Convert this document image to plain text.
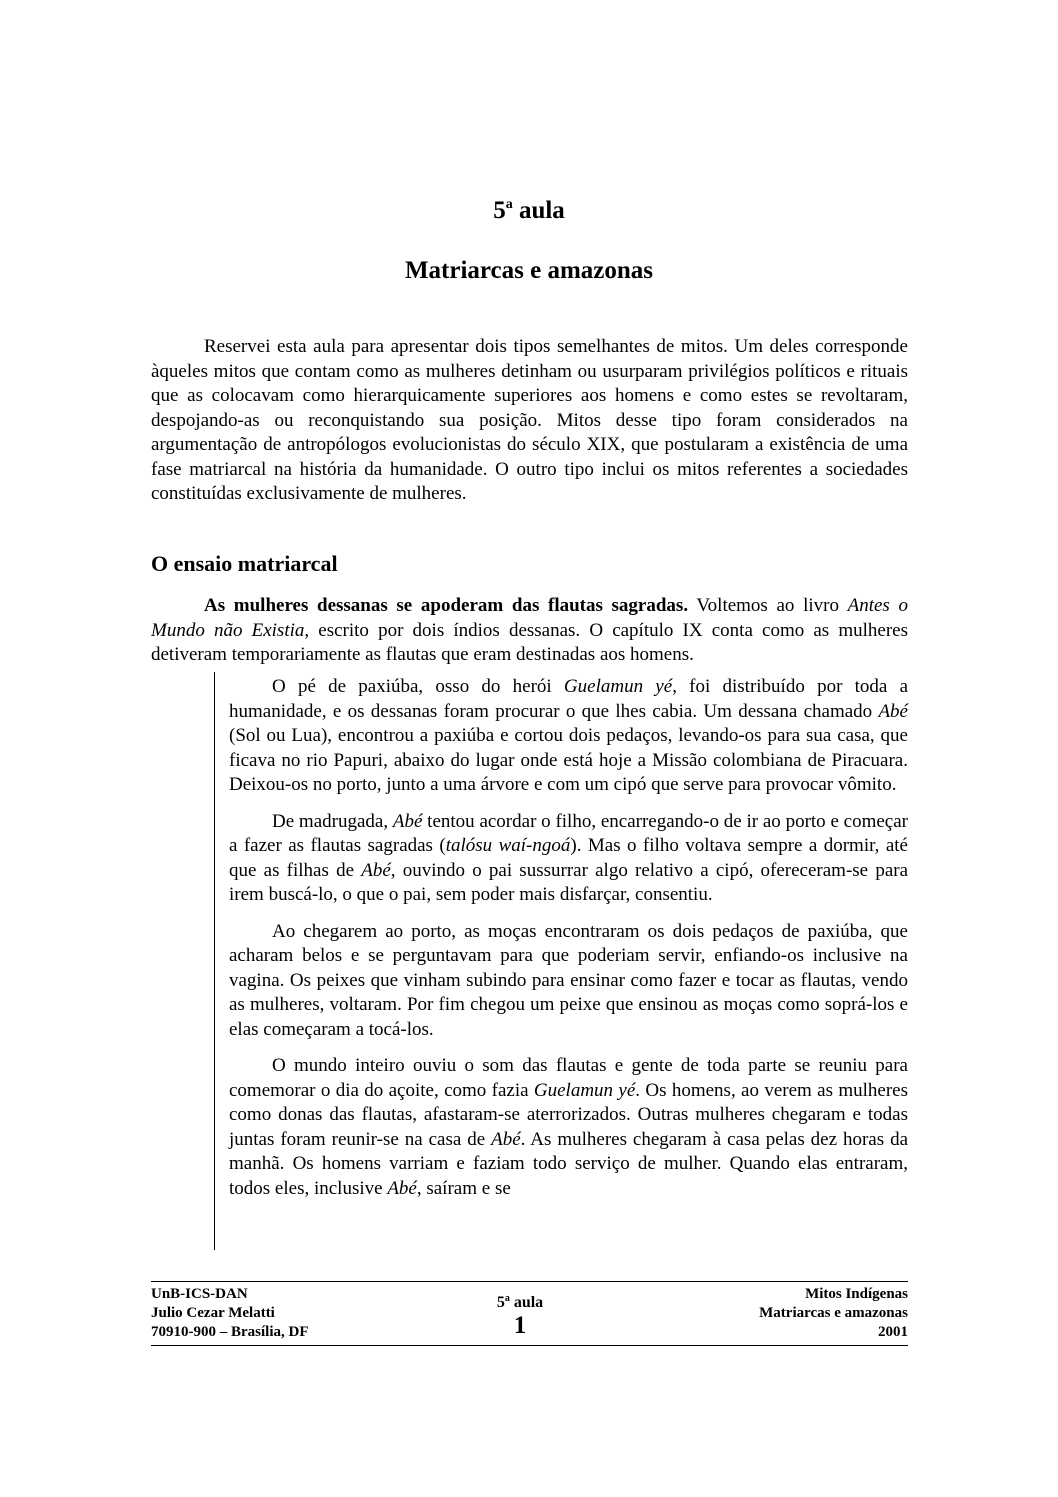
5$^a$ aula
Matriarcas e amazonas

Reservei esta aula para apresentar dois tipos semelhantes de mitos. Um deles corresponde àqueles mitos que contam como as mulheres detinham ou usurparam privilégios políticos e rituais que as colocavam como hierarquicamente superiores aos homens e como estes se revoltaram, despojando-as ou reconquistando sua posição. Mitos desse tipo foram considerados na argumentação de antropólogos evolucionistas do século XIX, que postularam a existência de uma fase matriarcal na história da humanidade. O outro tipo inclui os mitos referentes a sociedades constituídas exclusivamente de mulheres.

O ensaio matriarcal

As mulheres dessanas se apoderam das flautas sagradas. Voltemos ao livro Antes o Mundo não Existia, escrito por dois índios dessanas. O capítulo IX conta como as mulheres detiveram temporariamente as flautas que eram destinadas aos homens.

O pé de paxiúba, osso do herói Guelamun yé, foi distribuído por toda a humanidade, e os dessanas foram procurar o que lhes cabia. Um dessana chamado Abé (Sol ou Lua), encontrou a paxiúba e cortou dois pedaços, levando-os para sua casa, que ficava no rio Papuri, abaixo do lugar onde está hoje a Missão colombiana de Piracuara. Deixou-os no porto, junto a uma árvore e com um cipó que serve para provocar vômito.

De madrugada, Abé tentou acordar o filho, encarregando-o de ir ao porto e começar a fazer as flautas sagradas (talósu waí-ngoá). Mas o filho voltava sempre a dormir, até que as filhas de Abé, ouvindo o pai sussurrar algo relativo a cipó, ofereceram-se para irem buscá-lo, o que o pai, sem poder mais disfarçar, consentiu.

Ao chegarem ao porto, as moças encontraram os dois pedaços de paxiúba, que acharam belos e se perguntavam para que poderiam servir, enfiando-os inclusive na vagina. Os peixes que vinham subindo para ensinar como fazer e tocar as flautas, vendo as mulheres, voltaram. Por fim chegou um peixe que ensinou as moças como soprá-los e elas começaram a tocá-los.

O mundo inteiro ouviu o som das flautas e gente de toda parte se reuniu para comemorar o dia do açoite, como fazia Guelamun yé. Os homens, ao verem as mulheres como donas das flautas, afastaram-se aterrorizados. Outras mulheres chegaram e todas juntas foram reunir-se na casa de Abé. As mulheres chegaram à casa pelas dez horas da manhã. Os homens varriam e faziam todo serviço de mulher. Quando elas entraram, todos eles, inclusive Abé, saíram e se

UnB-ICS-DAN
Julio Cezar Melatti
70910-900 – Brasília, DF
5$^a$ aula
1
Mitos Indígenas
Matriarcas e amazonas
2001
